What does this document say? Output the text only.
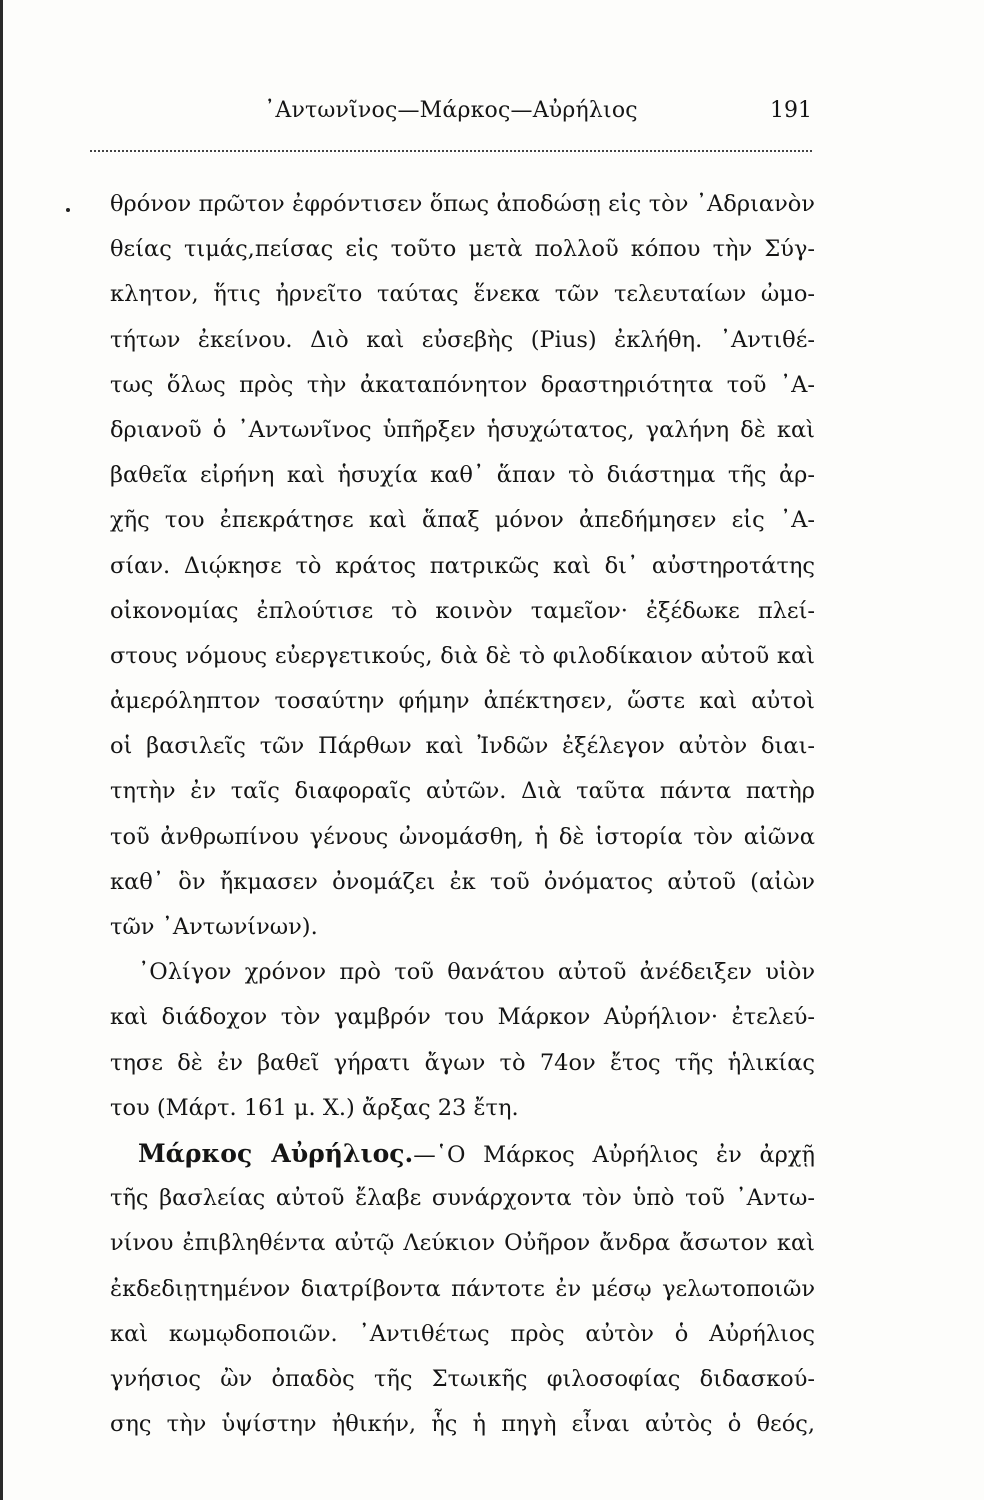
᾿Αντωνῖνος—Μάρκος—Αὐρήλιος	191
θρόνον πρῶτον ἐφρόντισεν ὅπως ἀποδώσῃ εἰς τὸν ᾿Αδριανὸν
θείας τιμάς,πείσας εἰς τοῦτο μετὰ πολλοῦ κόπου τὴν Σύγ-
κλητον, ἥτις ἠρνεῖτο ταύτας ἕνεκα τῶν τελευταίων ὠμο-
τήτων ἐκείνου. Διὸ καὶ εὐσεβὴς (Pius) ἐκλήθη. ᾿Αντιθέ-
τως ὅλως πρὸς τὴν ἀκαταπόνητον δραστηριότητα τοῦ ᾿Α-
δριανοῦ ὁ ᾿Αντωνῖνος ὑπῆρξεν ἡσυχώτατος, γαλήνη δὲ καὶ
βαθεῖα εἰρήνη καὶ ἡσυχία καθ᾿ ἅπαν τὸ διάστημα τῆς ἀρ-
χῆς του ἐπεκράτησε καὶ ἅπαξ μόνον ἀπεδήμησεν εἰς ᾿Α-
σίαν. Διῴκησε τὸ κράτος πατρικῶς καὶ δι᾿ αὐστηροτάτης
οἰκονομίας ἐπλούτισε τὸ κοινὸν ταμεῖον· ἐξέδωκε πλεί-
στους νόμους εὐεργετικούς, διὰ δὲ τὸ φιλοδίκαιον αὐτοῦ καὶ
ἀμερόληπτον τοσαύτην φήμην ἀπέκτησεν, ὥστε καὶ αὐτοὶ
οἱ βασιλεῖς τῶν Πάρθων καὶ Ἰνδῶν ἐξέλεγον αὐτὸν διαι-
τητὴν ἐν ταῖς διαφοραῖς αὐτῶν. Διὰ ταῦτα πάντα πατὴρ
τοῦ ἀνθρωπίνου γένους ὠνομάσθη, ἡ δὲ ἱστορία τὸν αἰῶνα
καθ᾿ ὃν ἤκμασεν ὀνομάζει ἐκ τοῦ ὀνόματος αὐτοῦ (αἰὼν
τῶν ᾿Αντωνίνων).
᾿Ολίγον χρόνον πρὸ τοῦ θανάτου αὐτοῦ ἀνέδειξεν υἱὸν
καὶ διάδοχον τὸν γαμβρόν του Μάρκον Αὐρήλιον· ἐτελεύ-
τησε δὲ ἐν βαθεῖ γήρατι ἄγων τὸ 74ον ἔτος τῆς ἡλικίας
του (Μάρτ. 161 μ. Χ.) ἄρξας 23 ἔτη.
Μάρκος Αὐρήλιος.—῾Ο Μάρκος Αὐρήλιος ἐν ἀρχῇ
τῆς βασλείας αὐτοῦ ἔλαβε συνάρχοντα τὸν ὑπὸ τοῦ ᾿Αντω-
νίνου ἐπιβληθέντα αὐτῷ Λεύκιον Οὐῆρον ἄνδρα ἄσωτον καὶ
ἐκδεδιῃτημένον διατρίβοντα πάντοτε ἐν μέσῳ γελωτοποιῶν
καὶ κωμῳδοποιῶν. ᾿Αντιθέτως πρὸς αὐτὸν ὁ Αὐρήλιος
γνήσιος ὢν ὀπαδὸς τῆς Στωικῆς φιλοσοφίας διδασκού-
σης τὴν ὑψίστην ἠθικήν, ἧς ἡ πηγὴ εἶναι αὐτὸς ὁ θεός,
